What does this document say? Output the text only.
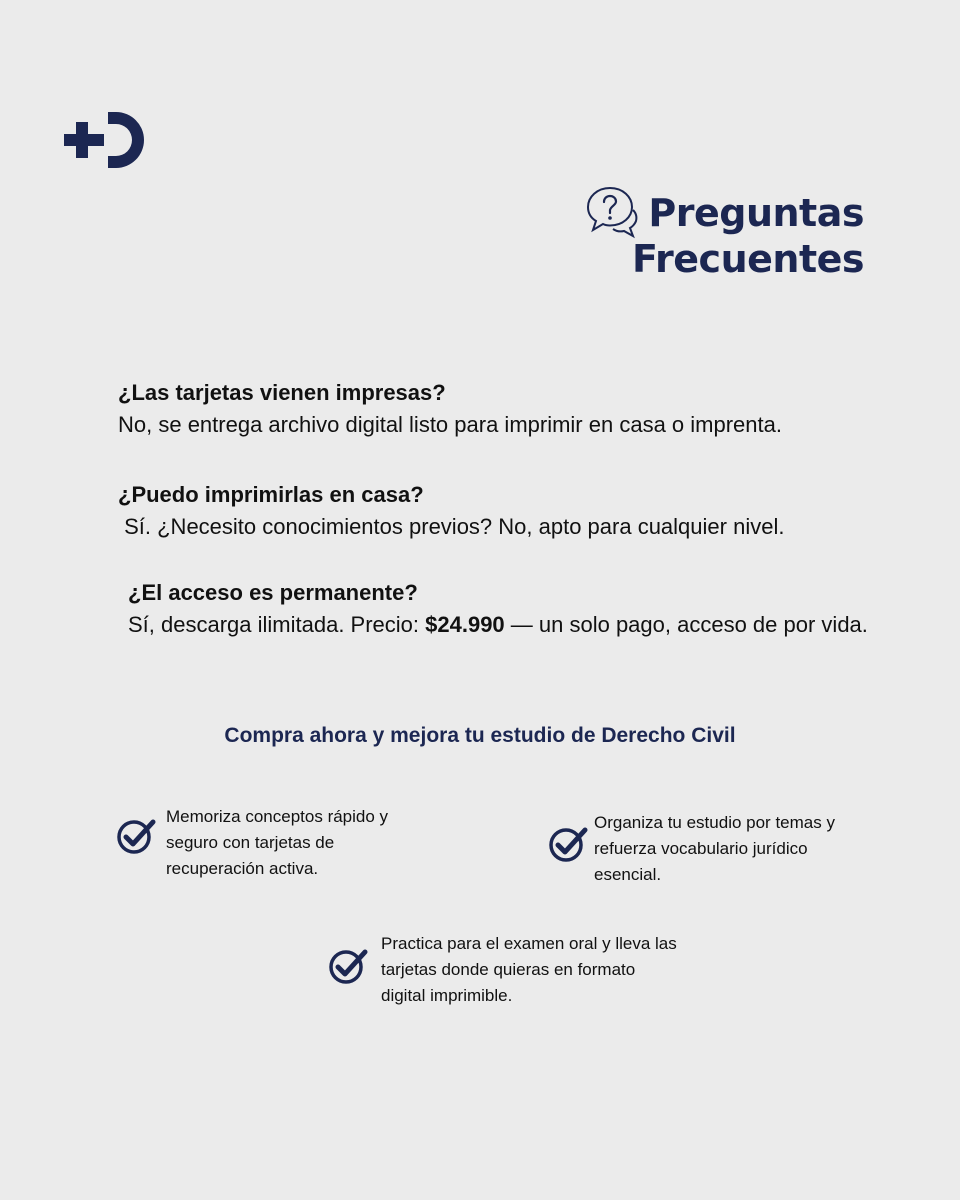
Preguntas
Frecuentes
¿Las tarjetas vienen impresas?
No, se entrega archivo digital listo para imprimir en casa o imprenta.
¿Puedo imprimirlas en casa?
Sí. ¿Necesito conocimientos previos? No, apto para cualquier nivel.
¿El acceso es permanente?
Sí, descarga ilimitada. Precio: $24.990 — un solo pago, acceso de por vida.
Compra ahora y mejora tu estudio de Derecho Civil
Memoriza conceptos rápido y seguro con tarjetas de recuperación activa.
Organiza tu estudio por temas y refuerza vocabulario jurídico esencial.
Practica para el examen oral y lleva las tarjetas donde quieras en formato digital imprimible.
